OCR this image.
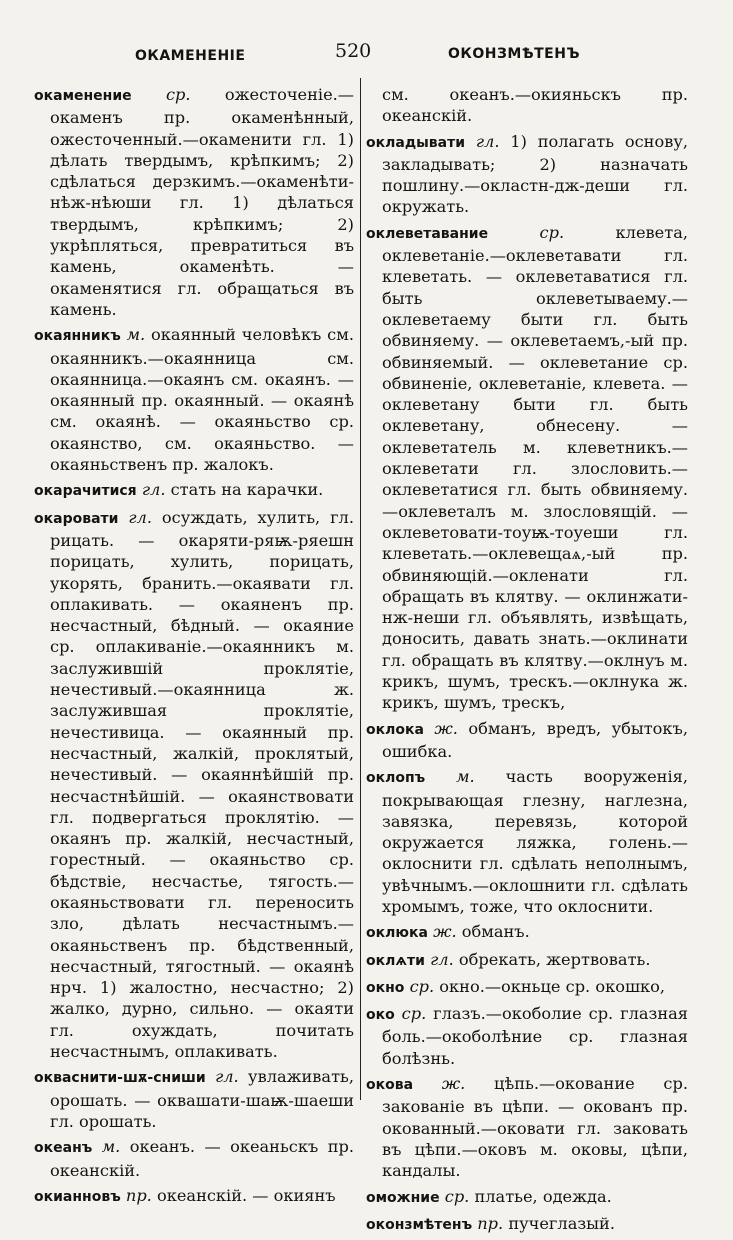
ОКАМЕНЕНІЕ	520	ОКОНЗМѢТЕНЪ

окаменение ср. ожесточеніе.—окаменъ пр. окаменѣнный, ожесточенный.—окаменити гл. 1) дѣлать твердымъ, крѣпкимъ; 2) сдѣлаться дерзкимъ.—окаменѣти-нѣж-нѣюши гл. 1) дѣлаться твердымъ, крѣпкимъ; 2) укрѣпляться, превратиться въ камень, окаменѣть. — окаменятися гл. обращаться въ камень.

окаянникъ м. окаянный человѣкъ см. окаянникъ.—окаянница см. окаянница.—окаянъ см. окаянъ. — окаянный пр. окаянный. — окаянѣ см. окаянѣ. — окаяньство ср. окаянство, см. окаяньство. — окаяньственъ пр. жалокъ.

окарачитися гл. стать на карачки.

окаровати гл. осуждать, хулить, гл. рицать. — окаряти-ряѭ-ряешн порицать, хулить, порицать, укорять, бранить.—окаявати гл. оплакивать. — окаяненъ пр. несчастный, бѣдный. — окаяние ср. оплакиваніе.—окаянникъ м. заслужившій проклятіе, нечестивый.—окаянница ж. заслужившая проклятіе, нечестивица. — окаянный пр. несчастный, жалкій, проклятый, нечестивый. — окаяннѣйшій пр. несчастнѣйшій. — окаянствовати гл. подвергаться проклятію. — окаянъ пр. жалкій, несчастный, горестный. — окаяньство ср. бѣдствіе, несчастье, тягость.—окаяньствовати гл. переносить зло, дѣлать несчастнымъ.—окаяньственъ пр. бѣдственный, несчастный, тягостный. — окаянѣ нрч. 1) жалостно, несчастно; 2) жалко, дурно, сильно. — окаяти гл. охуждать, почитать несчастнымъ, оплакивать.

окваснити-шѫ-сниши гл. увлаживать, орошать. — оквашати-шаѭ-шаеши гл. орошать.

океанъ м. океанъ. — океаньскъ пр. океанскій.

окианновъ пр. океанскій. — окиянъ

см. океанъ.—окияньскъ пр. океанскій.

окладывати гл. 1) полагать основу, закладывать; 2) назначать пошлину.—окластн-дж-деши гл. окружать.

оклеветавание	ср. клевета, оклеветаніе.—оклеветавати гл. клеветать. — оклеветаватися гл. быть оклеветываему.—оклеветаему быти гл. быть обвиняему. — оклеветаемъ,-ый пр. обвиняемый. — оклеветание ср. обвиненіе, оклеветаніе, клевета. — оклеветану быти гл. быть оклеветану, обнесену. — оклеветатель м. клеветникъ.—оклеветати гл. злословить.—оклеветатися гл. быть обвиняему.—оклеветалъ м. злословящій. — оклеветовати-тоуѭ-тоуеши гл. клеветать.—оклевещаѧ,-ый пр. обвиняющій.—окленати гл. обращать въ клятву. — оклинжати-нж-неши гл. объявлять, извѣщать, доносить, давать знать.—оклинати гл. обращать въ клятву.—оклнуъ м. крикъ, шумъ, трескъ.—оклнука ж. крикъ, шумъ, трескъ,

оклока ж. обманъ, вредъ, убытокъ, ошибка.

оклопъ м. часть вооруженія, покрывающая глезну, наглезна, завязка, перевязь, которой окружается ляжка, голень.—оклоснити гл. сдѣлать неполнымъ, увѣчнымъ.—оклошнити гл. сдѣлать хромымъ, тоже, что оклоснити.

оклюка ж. обманъ.

оклѧти гл. обрекать, жертвовать.

окно ср. окно.—окньце ср. окошко,

око ср. глазъ.—окоболие ср. глазная боль.—окоболѣние ср. глазная болѣзнь.

окова ж. цѣпь.—окование ср. закованіе въ цѣпи. — окованъ пр. окованный.—оковати гл. заковать въ цѣпи.—оковъ м. оковы, цѣпи, кандалы.

оможние ср. платье, одежда.

оконзмѣтенъ пр. пучеглазый.
